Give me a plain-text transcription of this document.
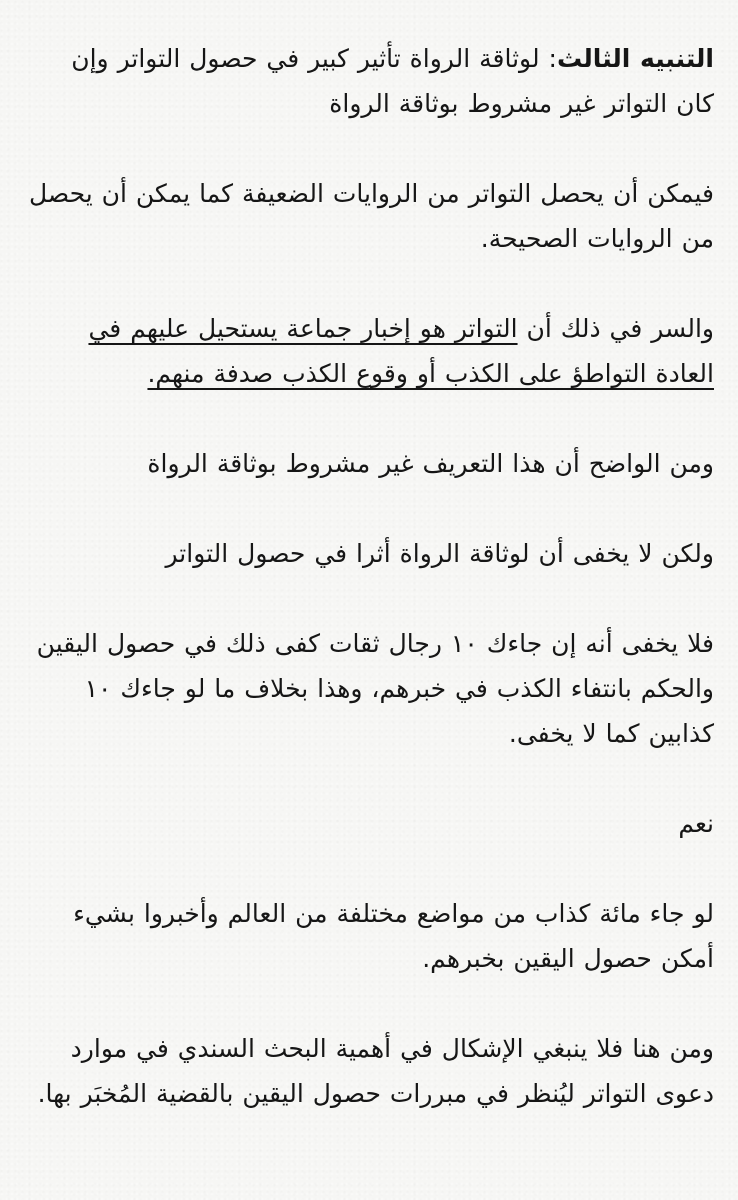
التنبيه الثالث: لوثاقة الرواة تأثير كبير في حصول التواتر وإن كان التواتر غير مشروط بوثاقة الرواة

فيمكن أن يحصل التواتر من الروايات الضعيفة كما يمكن أن يحصل من الروايات الصحيحة.

والسر في ذلك أن التواتر هو إخبار جماعة يستحيل عليهم في العادة التواطؤ على الكذب أو وقوع الكذب صدفة منهم.

ومن الواضح أن هذا التعريف غير مشروط بوثاقة الرواة

ولكن لا يخفى أن لوثاقة الرواة أثرا في حصول التواتر

فلا يخفى أنه إن جاءك ١٠ رجال ثقات كفى ذلك في حصول اليقين والحكم بانتفاء الكذب في خبرهم، وهذا بخلاف ما لو جاءك ١٠ كذابين كما لا يخفى.

نعم

لو جاء مائة كذاب من مواضع مختلفة من العالم وأخبروا بشيء أمكن حصول اليقين بخبرهم.

ومن هنا فلا ينبغي الإشكال في أهمية البحث السندي في موارد دعوى التواتر ليُنظر في مبررات حصول اليقين بالقضية المُخبَر بها.
